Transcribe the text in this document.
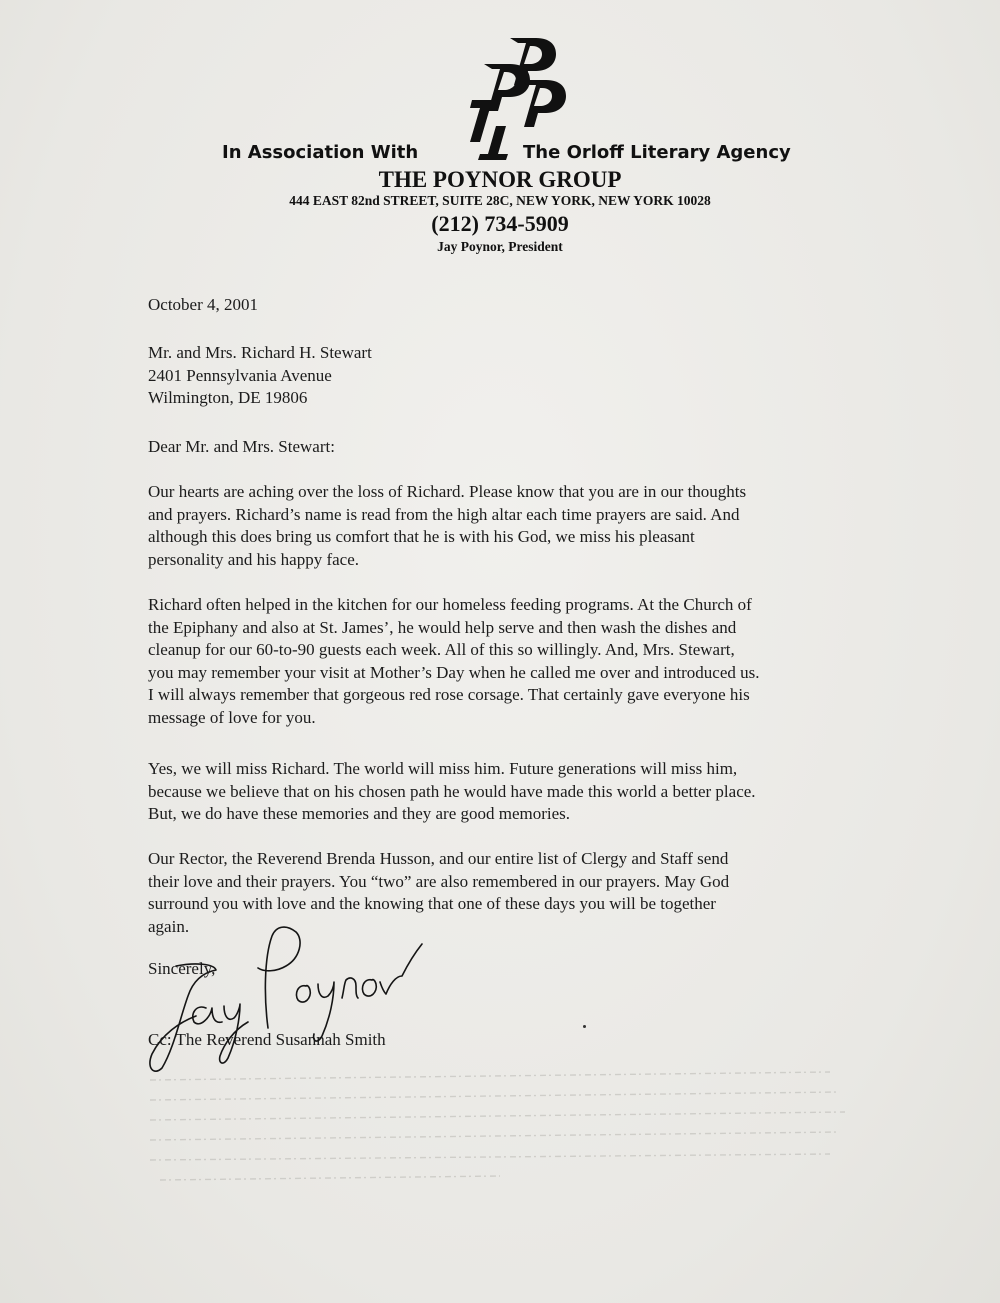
In Association With	The Orloff Literary Agency
THE POYNOR GROUP
444 EAST 82nd STREET, SUITE 28C, NEW YORK, NEW YORK 10028
(212) 734-5909
Jay Poynor, President
October 4, 2001
Mr. and Mrs. Richard H. Stewart
2401 Pennsylvania Avenue
Wilmington, DE 19806
Dear Mr. and Mrs. Stewart:

Our hearts are aching over the loss of Richard. Please know that you are in our thoughts
and prayers. Richard’s name is read from the high altar each time prayers are said. And
although this does bring us comfort that he is with his God, we miss his pleasant
personality and his happy face.

Richard often helped in the kitchen for our homeless feeding programs. At the Church of
the Epiphany and also at St. James’, he would help serve and then wash the dishes and
cleanup for our 60-to-90 guests each week. All of this so willingly. And, Mrs. Stewart,
you may remember your visit at Mother’s Day when he called me over and introduced us.
I will always remember that gorgeous red rose corsage. That certainly gave everyone his
message of love for you.

Yes, we will miss Richard. The world will miss him. Future generations will miss him,
because we believe that on his chosen path he would have made this world a better place.
But, we do have these memories and they are good memories.

Our Rector, the Reverend Brenda Husson, and our entire list of Clergy and Staff send
their love and their prayers. You “two” are also remembered in our prayers. May God
surround you with love and the knowing that one of these days you will be together
again.

Sincerely,
Cc: The Reverend Susannah Smith
